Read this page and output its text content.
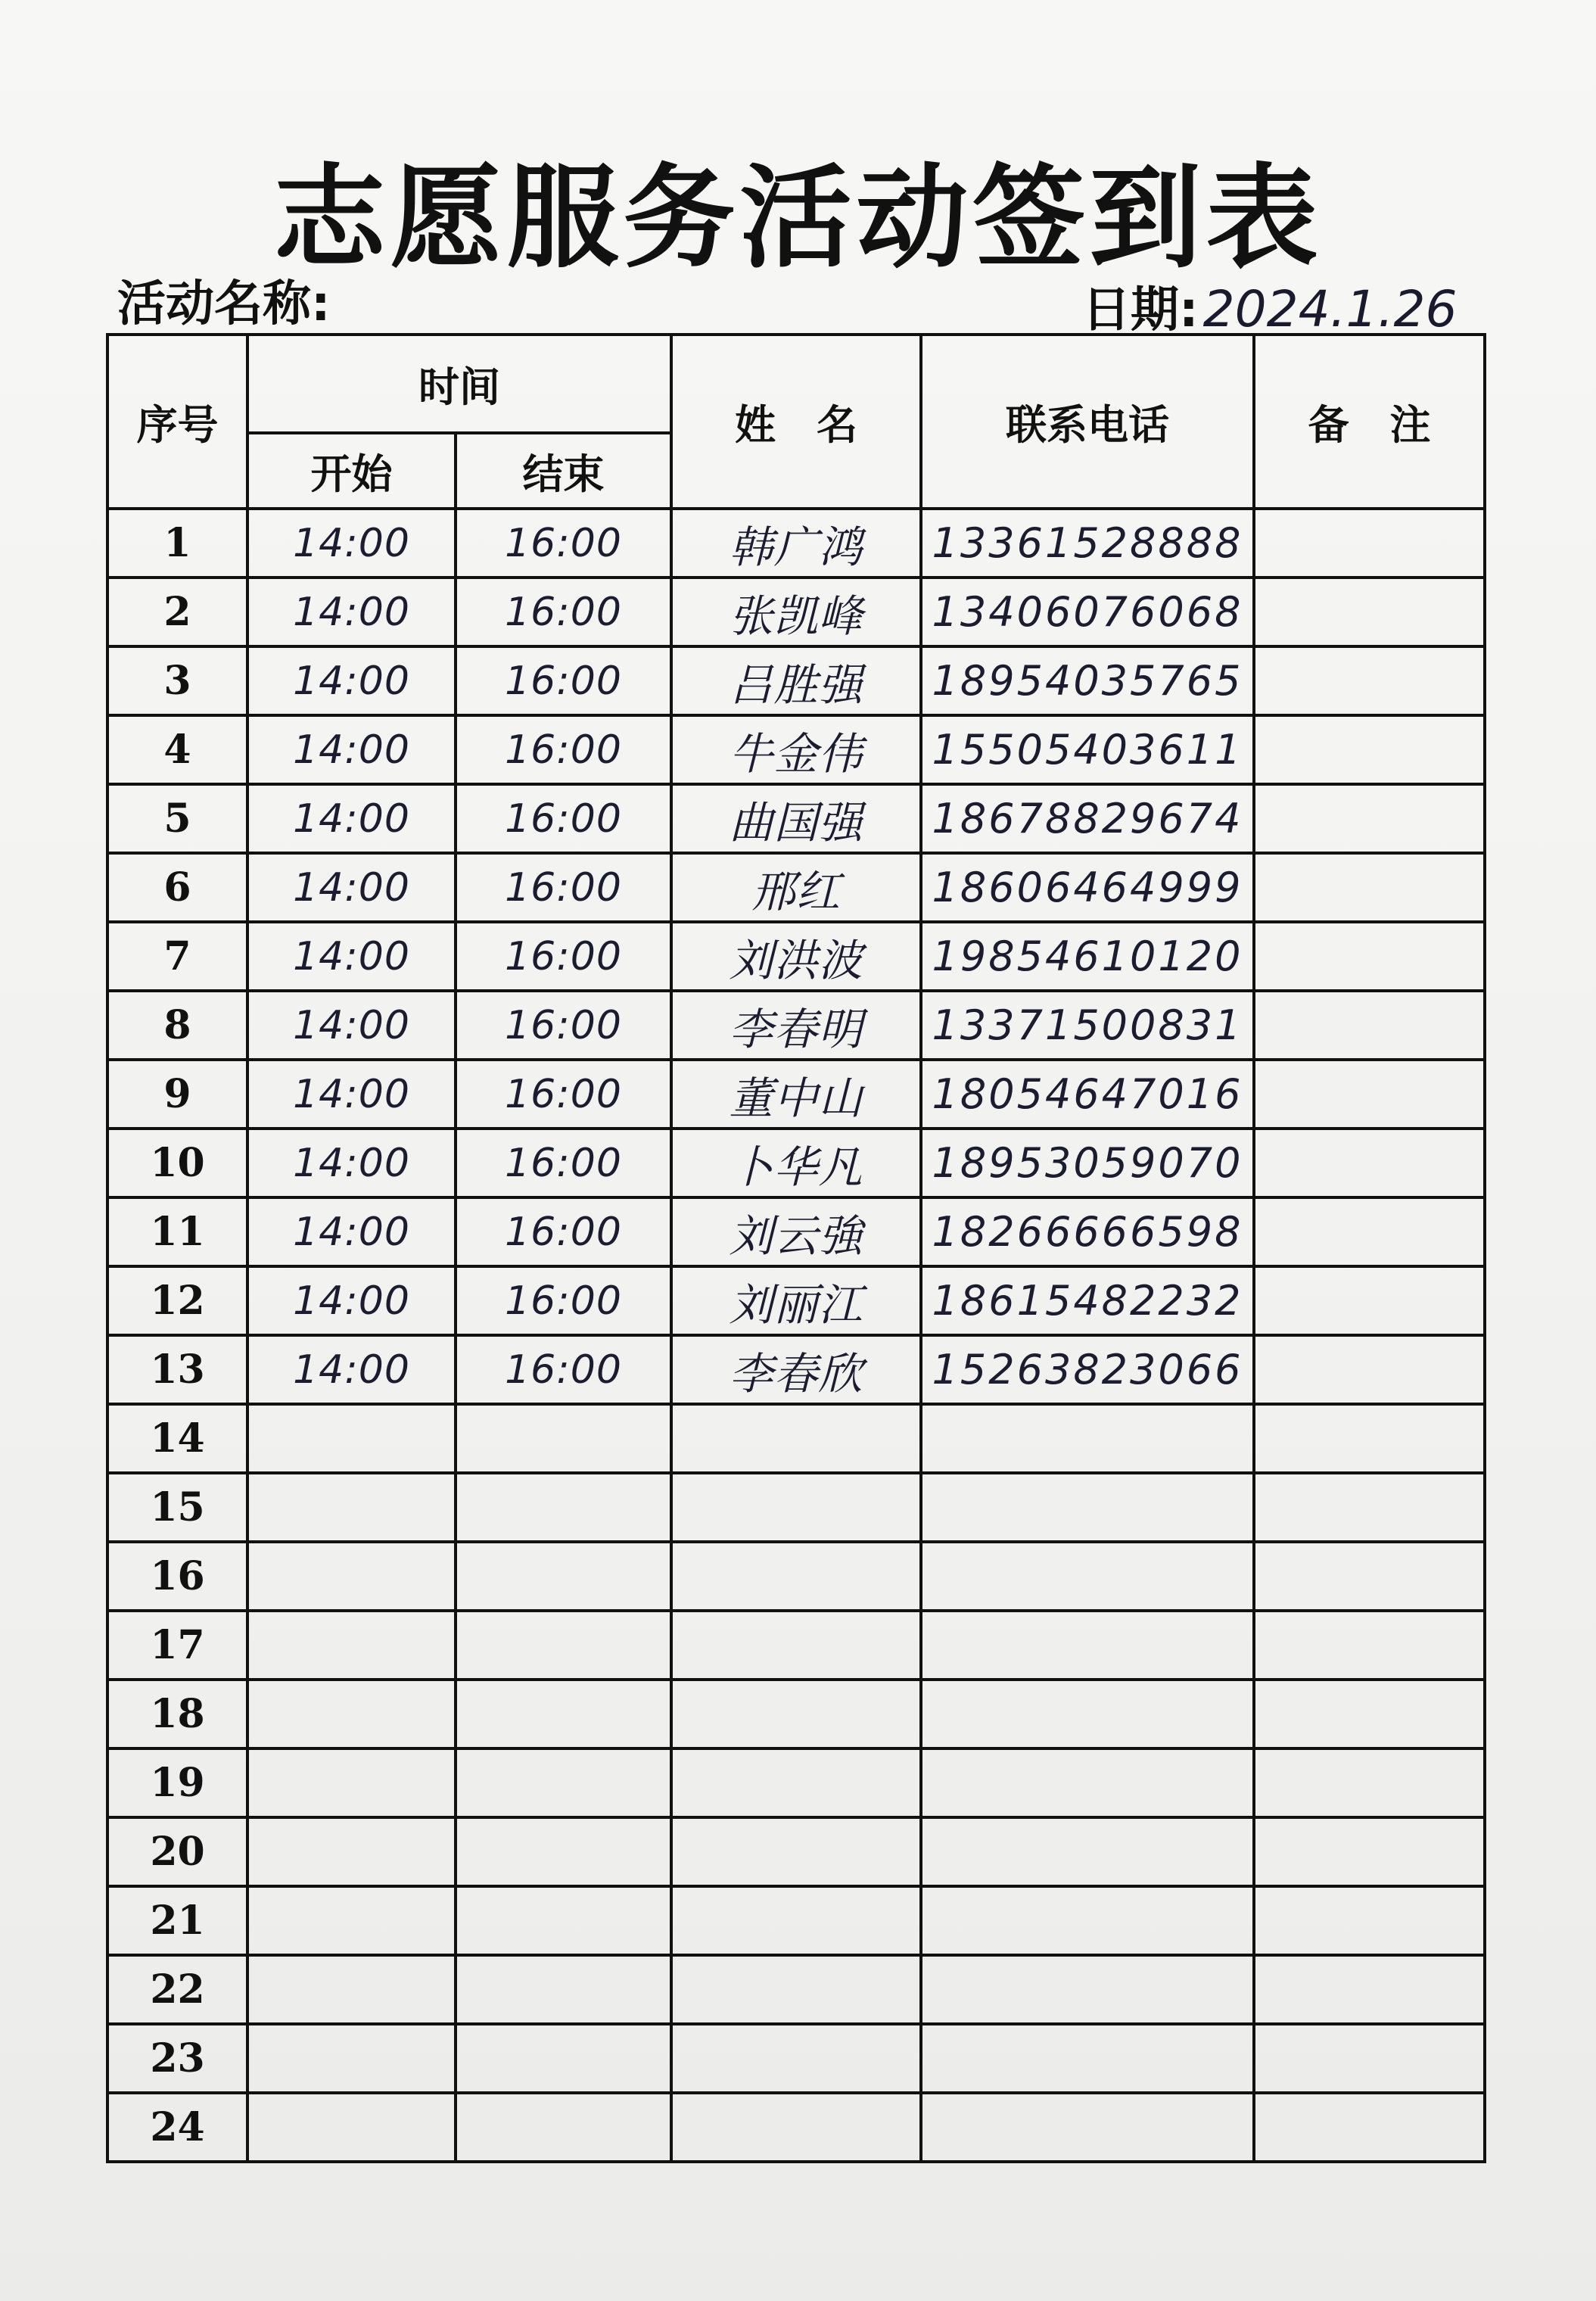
志愿服务活动签到表
活动名称:	日期:2024.1.26
序号	时间		姓　名	联系电话	备　注
	开始	结束			
1	14:00	16:00	韩广鸿	13361528888	
2	14:00	16:00	张凯峰	13406076068	
3	14:00	16:00	吕胜强	18954035765	
4	14:00	16:00	牛金伟	15505403611	
5	14:00	16:00	曲国强	18678829674	
6	14:00	16:00	邢红	18606464999	
7	14:00	16:00	刘洪波	19854610120	
8	14:00	16:00	李春明	13371500831	
9	14:00	16:00	董中山	18054647016	
10	14:00	16:00	卜华凡	18953059070	
11	14:00	16:00	刘云強	18266666598	
12	14:00	16:00	刘丽江	18615482232	
13	14:00	16:00	李春欣	15263823066	
14					
15					
16					
17					
18					
19					
20					
21					
22					
23					
24					
